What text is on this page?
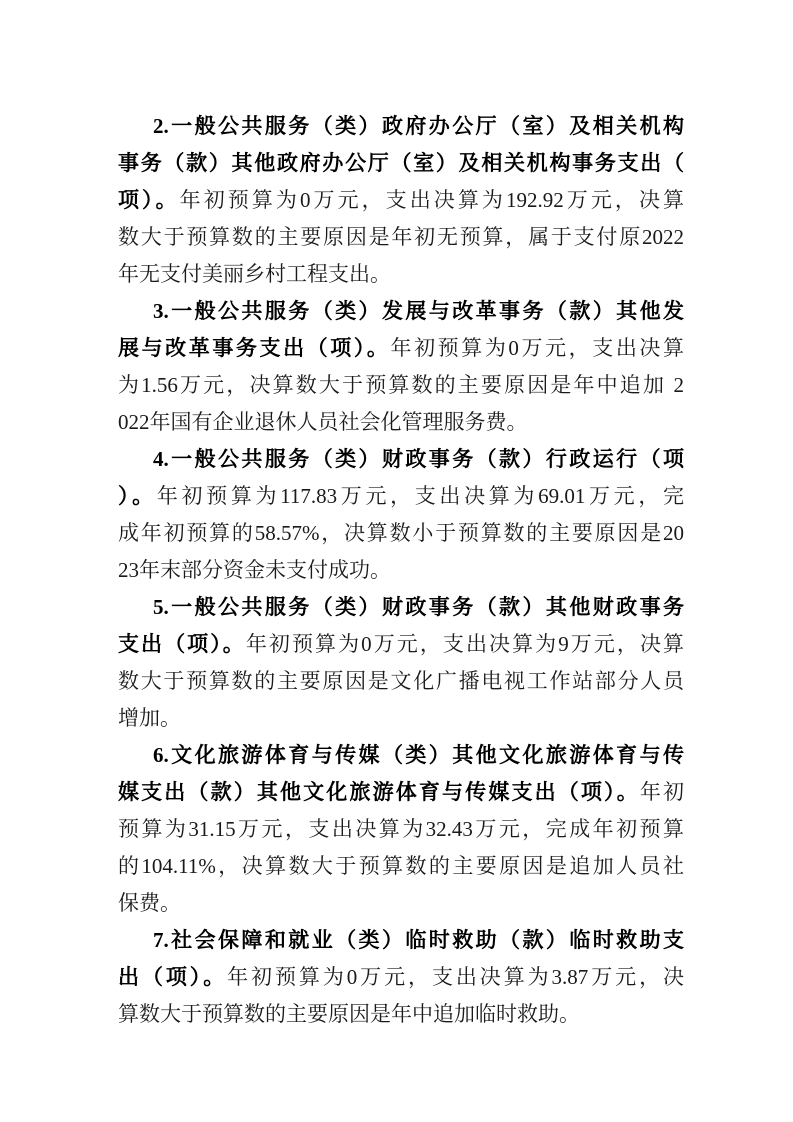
2.一般公共服务（类）政府办公厅（室）及相关机构
事务（款）其他政府办公厅（室）及相关机构事务支出（
项）。年初预算为0万元，支出决算为192.92万元，决算
数大于预算数的主要原因是年初无预算，属于支付原2022
年无支付美丽乡村工程支出。
3.一般公共服务（类）发展与改革事务（款）其他发
展与改革事务支出（项）。年初预算为0万元，支出决算
为1.56万元，决算数大于预算数的主要原因是年中追加 2
022年国有企业退休人员社会化管理服务费。
4.一般公共服务（类）财政事务（款）行政运行（项
）。年初预算为117.83万元，支出决算为69.01万元，完
成年初预算的58.57%，决算数小于预算数的主要原因是20
23年末部分资金未支付成功。
5.一般公共服务（类）财政事务（款）其他财政事务
支出（项）。年初预算为0万元，支出决算为9万元，决算
数大于预算数的主要原因是文化广播电视工作站部分人员
增加。
6.文化旅游体育与传媒（类）其他文化旅游体育与传
媒支出（款）其他文化旅游体育与传媒支出（项）。年初
预算为31.15万元，支出决算为32.43万元，完成年初预算
的104.11%，决算数大于预算数的主要原因是追加人员社
保费。
7.社会保障和就业（类）临时救助（款）临时救助支
出（项）。年初预算为0万元，支出决算为3.87万元，决
算数大于预算数的主要原因是年中追加临时救助。
